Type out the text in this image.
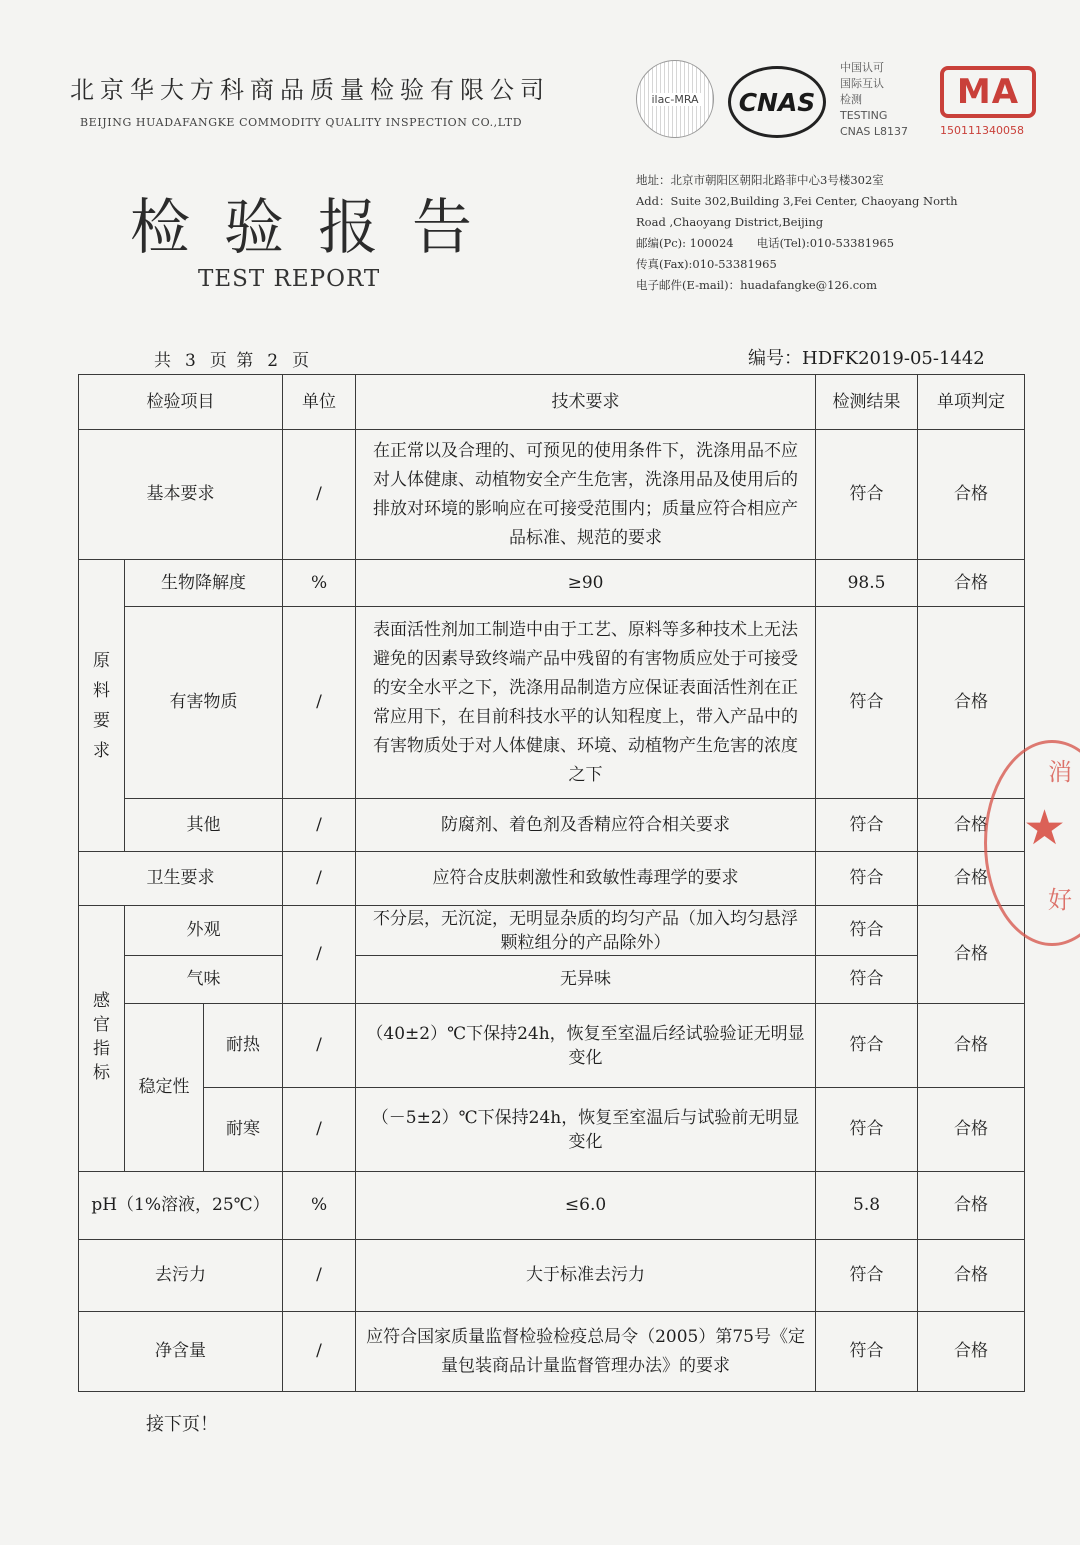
北京华大方科商品质量检验有限公司
BEIJING HUADAFANGKE COMMODITY QUALITY INSPECTION CO.,LTD
检验报告
TEST REPORT
ilac-MRA CNAS
中国认可
国际互认
检测
TESTING
CNAS L8137
MA
150111340058
地址：北京市朝阳区朝阳北路菲中心3号楼302室
Add：Suite 302,Building 3,Fei Center, Chaoyang North
Road ,Chaoyang District,Beijing
邮编(Pc): 100024　　电话(Tel):010-53381965
传真(Fax):010-53381965
电子邮件(E-mail)：huadafangke@126.com
共 3 页 第 2 页	编号：HDFK2019-05-1442
检验项目			单位	技术要求	检测结果	单项判定
基本要求			/	在正常以及合理的、可预见的使用条件下，洗涤用品不应对人体健康、动植物安全产生危害，洗涤用品及使用后的排放对环境的影响应在可接受范围内；质量应符合相应产品标准、规范的要求	符合	合格
原料要求	生物降解度		%	≥90	98.5	合格
	有害物质		/	表面活性剂加工制造中由于工艺、原料等多种技术上无法避免的因素导致终端产品中残留的有害物质应处于可接受的安全水平之下，洗涤用品制造方应保证表面活性剂在正常应用下，在目前科技水平的认知程度上，带入产品中的有害物质处于对人体健康、环境、动植物产生危害的浓度之下	符合	合格
	其他		/	防腐剂、着色剂及香精应符合相关要求	符合	合格
卫生要求			/	应符合皮肤刺激性和致敏性毒理学的要求	符合	合格
感官指标	外观		/	不分层，无沉淀，无明显杂质的均匀产品（加入均匀悬浮颗粒组分的产品除外）	符合	合格
	气味			无异味	符合	
	稳定性	耐热	/	（40±2）℃下保持24h，恢复至室温后经试验验证无明显变化	符合	合格
		耐寒	/	（－5±2）℃下保持24h，恢复至室温后与试验前无明显变化	符合	合格
pH（1%溶液，25℃）			%	≤6.0	5.8	合格
去污力			/	大于标准去污力	符合	合格
净含量			/	应符合国家质量监督检验检疫总局令（2005）第75号《定量包装商品计量监督管理办法》的要求	符合	合格
接下页！
消
★
好
